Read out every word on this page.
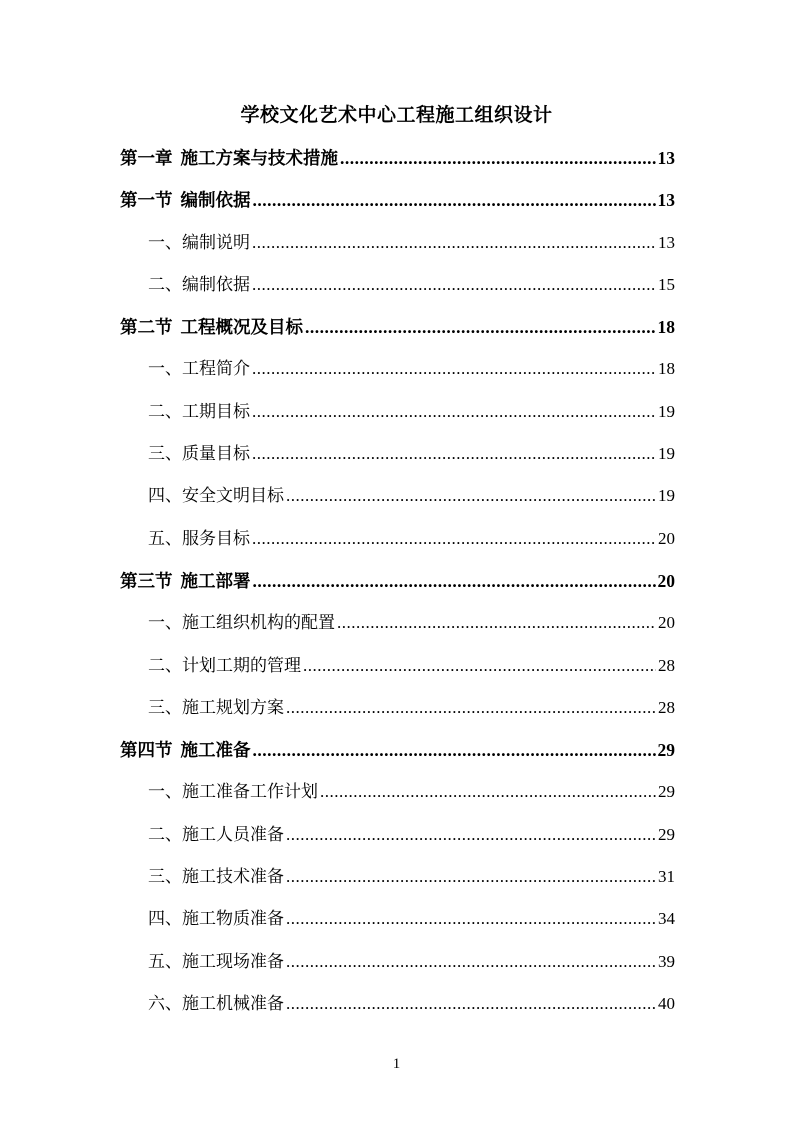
学校文化艺术中心工程施工组织设计
第一章 施工方案与技术措施 .....	13
第一节 编制依据 .....	13
一、编制说明 .....	13
二、编制依据 .....	15
第二节 工程概况及目标 .....	18
一、工程简介 .....	18
二、工期目标 .....	19
三、质量目标 .....	19
四、安全文明目标 .....	19
五、服务目标 .....	20
第三节 施工部署 .....	20
一、施工组织机构的配置 .....	20
二、计划工期的管理 .....	28
三、施工规划方案 .....	28
第四节 施工准备 .....	29
一、施工准备工作计划 .....	29
二、施工人员准备 .....	29
三、施工技术准备 .....	31
四、施工物质准备 .....	34
五、施工现场准备 .....	39
六、施工机械准备 .....	40
1
